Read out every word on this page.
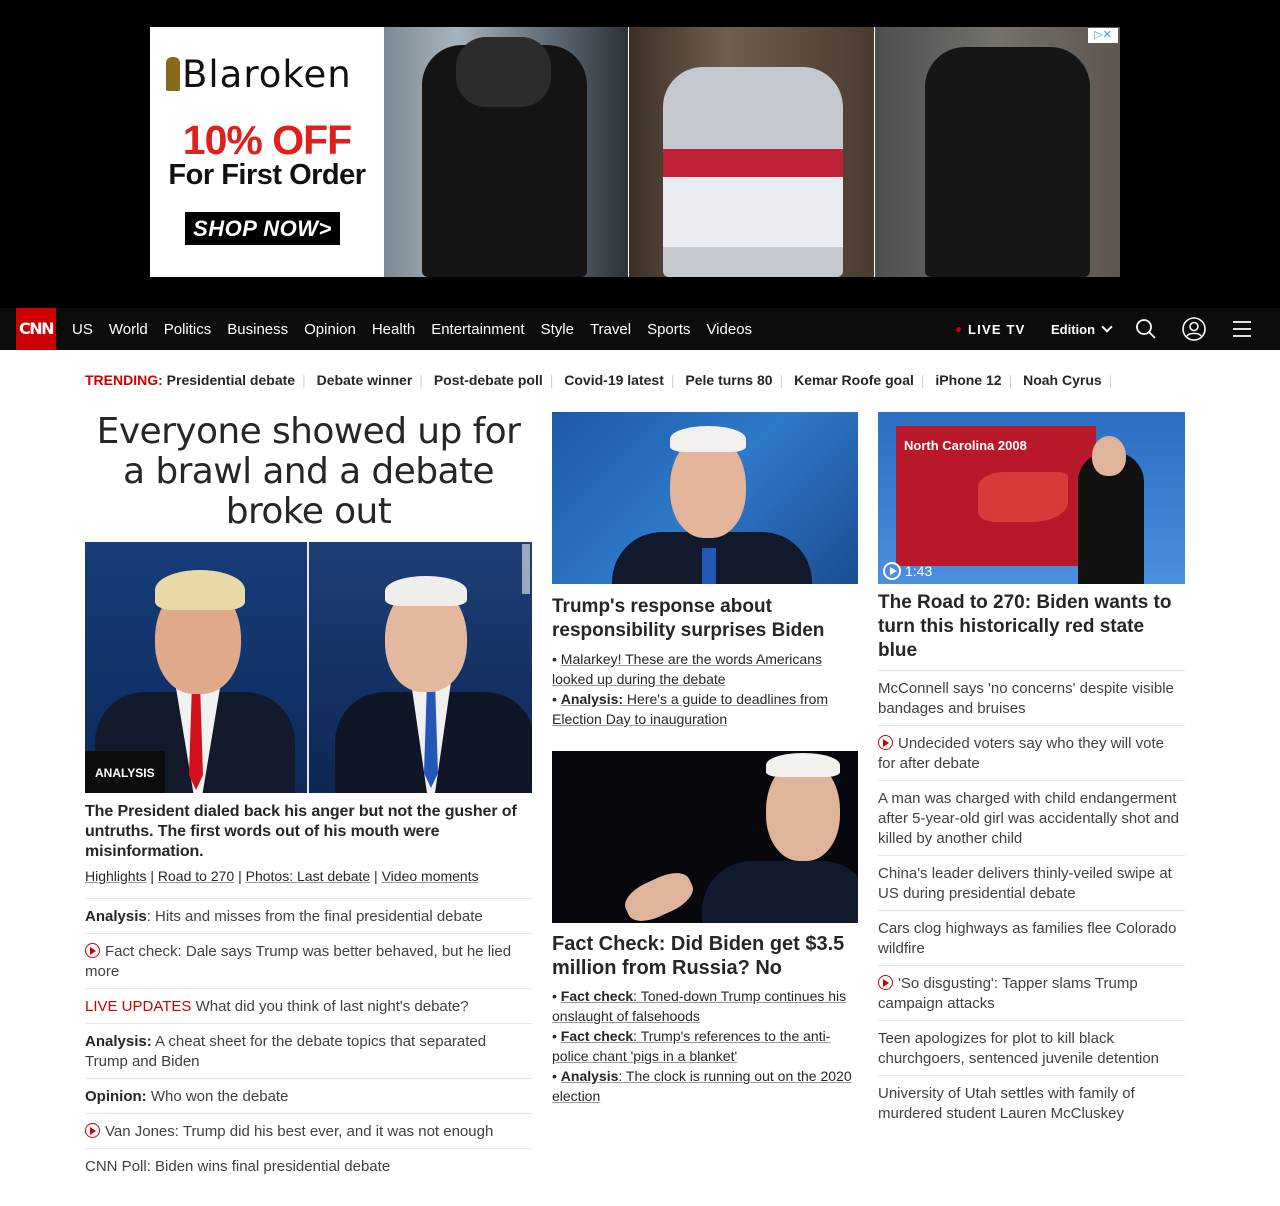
Blaroken
10% OFF
For First Order
SHOP NOW>
▷✕
CNN US World Politics Business Opinion Health Entertainment Style Travel Sports Videos	LIVE TV Edition
TRENDING: Presidential debate | Debate winner | Post-debate poll | Covid-19 latest | Pele turns 80 | Kemar Roofe goal | iPhone 12 | Noah Cyrus |
Everyone showed up for a brawl and a debate broke out
ANALYSIS
The President dialed back his anger but not the gusher of untruths. The first words out of his mouth were misinformation.
Highlights | Road to 270 | Photos: Last debate | Video moments
Analysis: Hits and misses from the final presidential debate
Fact check: Dale says Trump was better behaved, but he lied more
LIVE UPDATES What did you think of last night's debate?
Analysis: A cheat sheet for the debate topics that separated Trump and Biden
Opinion: Who won the debate
Van Jones: Trump did his best ever, and it was not enough
CNN Poll: Biden wins final presidential debate
Trump's response about responsibility surprises Biden
• Malarkey! These are the words Americans looked up during the debate
• Analysis: Here's a guide to deadlines from Election Day to inauguration
Fact Check: Did Biden get $3.5 million from Russia? No
• Fact check: Toned-down Trump continues his onslaught of falsehoods
• Fact check: Trump's references to the anti-police chant 'pigs in a blanket'
• Analysis: The clock is running out on the 2020 election
North Carolina 2008
1:43
The Road to 270: Biden wants to turn this historically red state blue
McConnell says 'no concerns' despite visible bandages and bruises
Undecided voters say who they will vote for after debate
A man was charged with child endangerment after 5-year-old girl was accidentally shot and killed by another child
China's leader delivers thinly-veiled swipe at US during presidential debate
Cars clog highways as families flee Colorado wildfire
'So disgusting': Tapper slams Trump campaign attacks
Teen apologizes for plot to kill black churchgoers, sentenced juvenile detention
University of Utah settles with family of murdered student Lauren McCluskey
